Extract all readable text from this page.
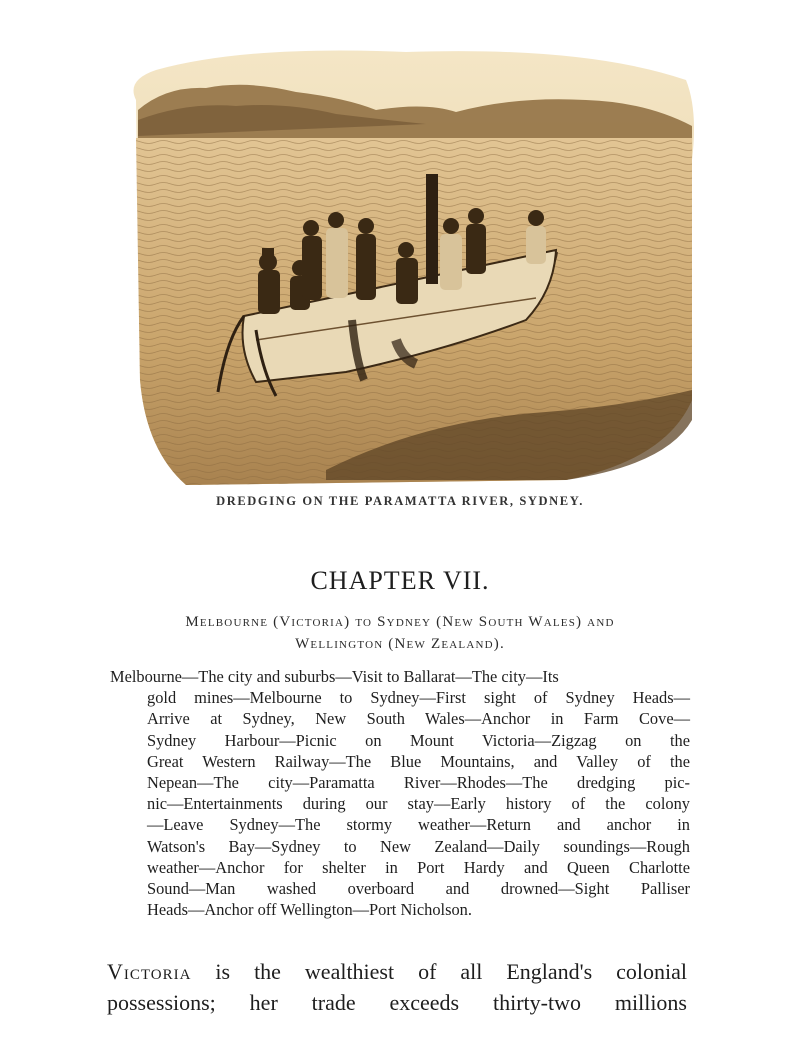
DREDGING ON THE PARAMATTA RIVER, SYDNEY.
CHAPTER VII.
Melbourne (Victoria) to Sydney (New South Wales) and
Wellington (New Zealand).
Melbourne—The city and suburbs—Visit to Ballarat—The city—Its
gold mines—Melbourne to Sydney—First sight of Sydney Heads—
Arrive at Sydney, New South Wales—Anchor in Farm Cove—
Sydney Harbour—Picnic on Mount Victoria—Zigzag on the
Great Western Railway—The Blue Mountains, and Valley of the
Nepean—The city—Paramatta River—Rhodes—The dredging pic-
nic—Entertainments during our stay—Early history of the colony
—Leave Sydney—The stormy weather—Return and anchor in
Watson's Bay—Sydney to New Zealand—Daily soundings—Rough
weather—Anchor for shelter in Port Hardy and Queen Charlotte
Sound—Man washed overboard and drowned—Sight Palliser
Heads—Anchor off Wellington—Port Nicholson.
Victoria is the wealthiest of all England's colonial
possessions; her trade exceeds thirty-two millions
